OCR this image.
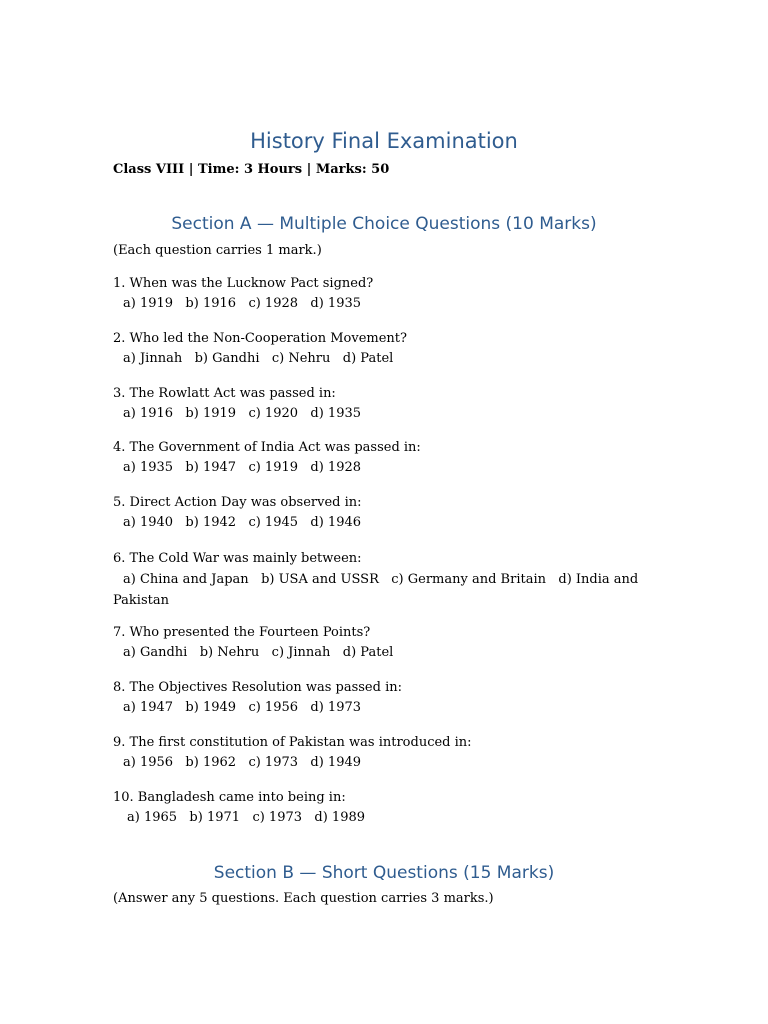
History Final Examination
Class VIII | Time: 3 Hours | Marks: 50
Section A — Multiple Choice Questions (10 Marks)
(Each question carries 1 mark.)
1. When was the Lucknow Pact signed?
a) 1919   b) 1916   c) 1928   d) 1935
2. Who led the Non-Cooperation Movement?
a) Jinnah   b) Gandhi   c) Nehru   d) Patel
3. The Rowlatt Act was passed in:
a) 1916   b) 1919   c) 1920   d) 1935
4. The Government of India Act was passed in:
a) 1935   b) 1947   c) 1919   d) 1928
5. Direct Action Day was observed in:
a) 1940   b) 1942   c) 1945   d) 1946
6. The Cold War was mainly between:
a) China and Japan   b) USA and USSR   c) Germany and Britain   d) India and Pakistan
7. Who presented the Fourteen Points?
a) Gandhi   b) Nehru   c) Jinnah   d) Patel
8. The Objectives Resolution was passed in:
a) 1947   b) 1949   c) 1956   d) 1973
9. The first constitution of Pakistan was introduced in:
a) 1956   b) 1962   c) 1973   d) 1949
10. Bangladesh came into being in:
a) 1965   b) 1971   c) 1973   d) 1989
Section B — Short Questions (15 Marks)
(Answer any 5 questions. Each question carries 3 marks.)
